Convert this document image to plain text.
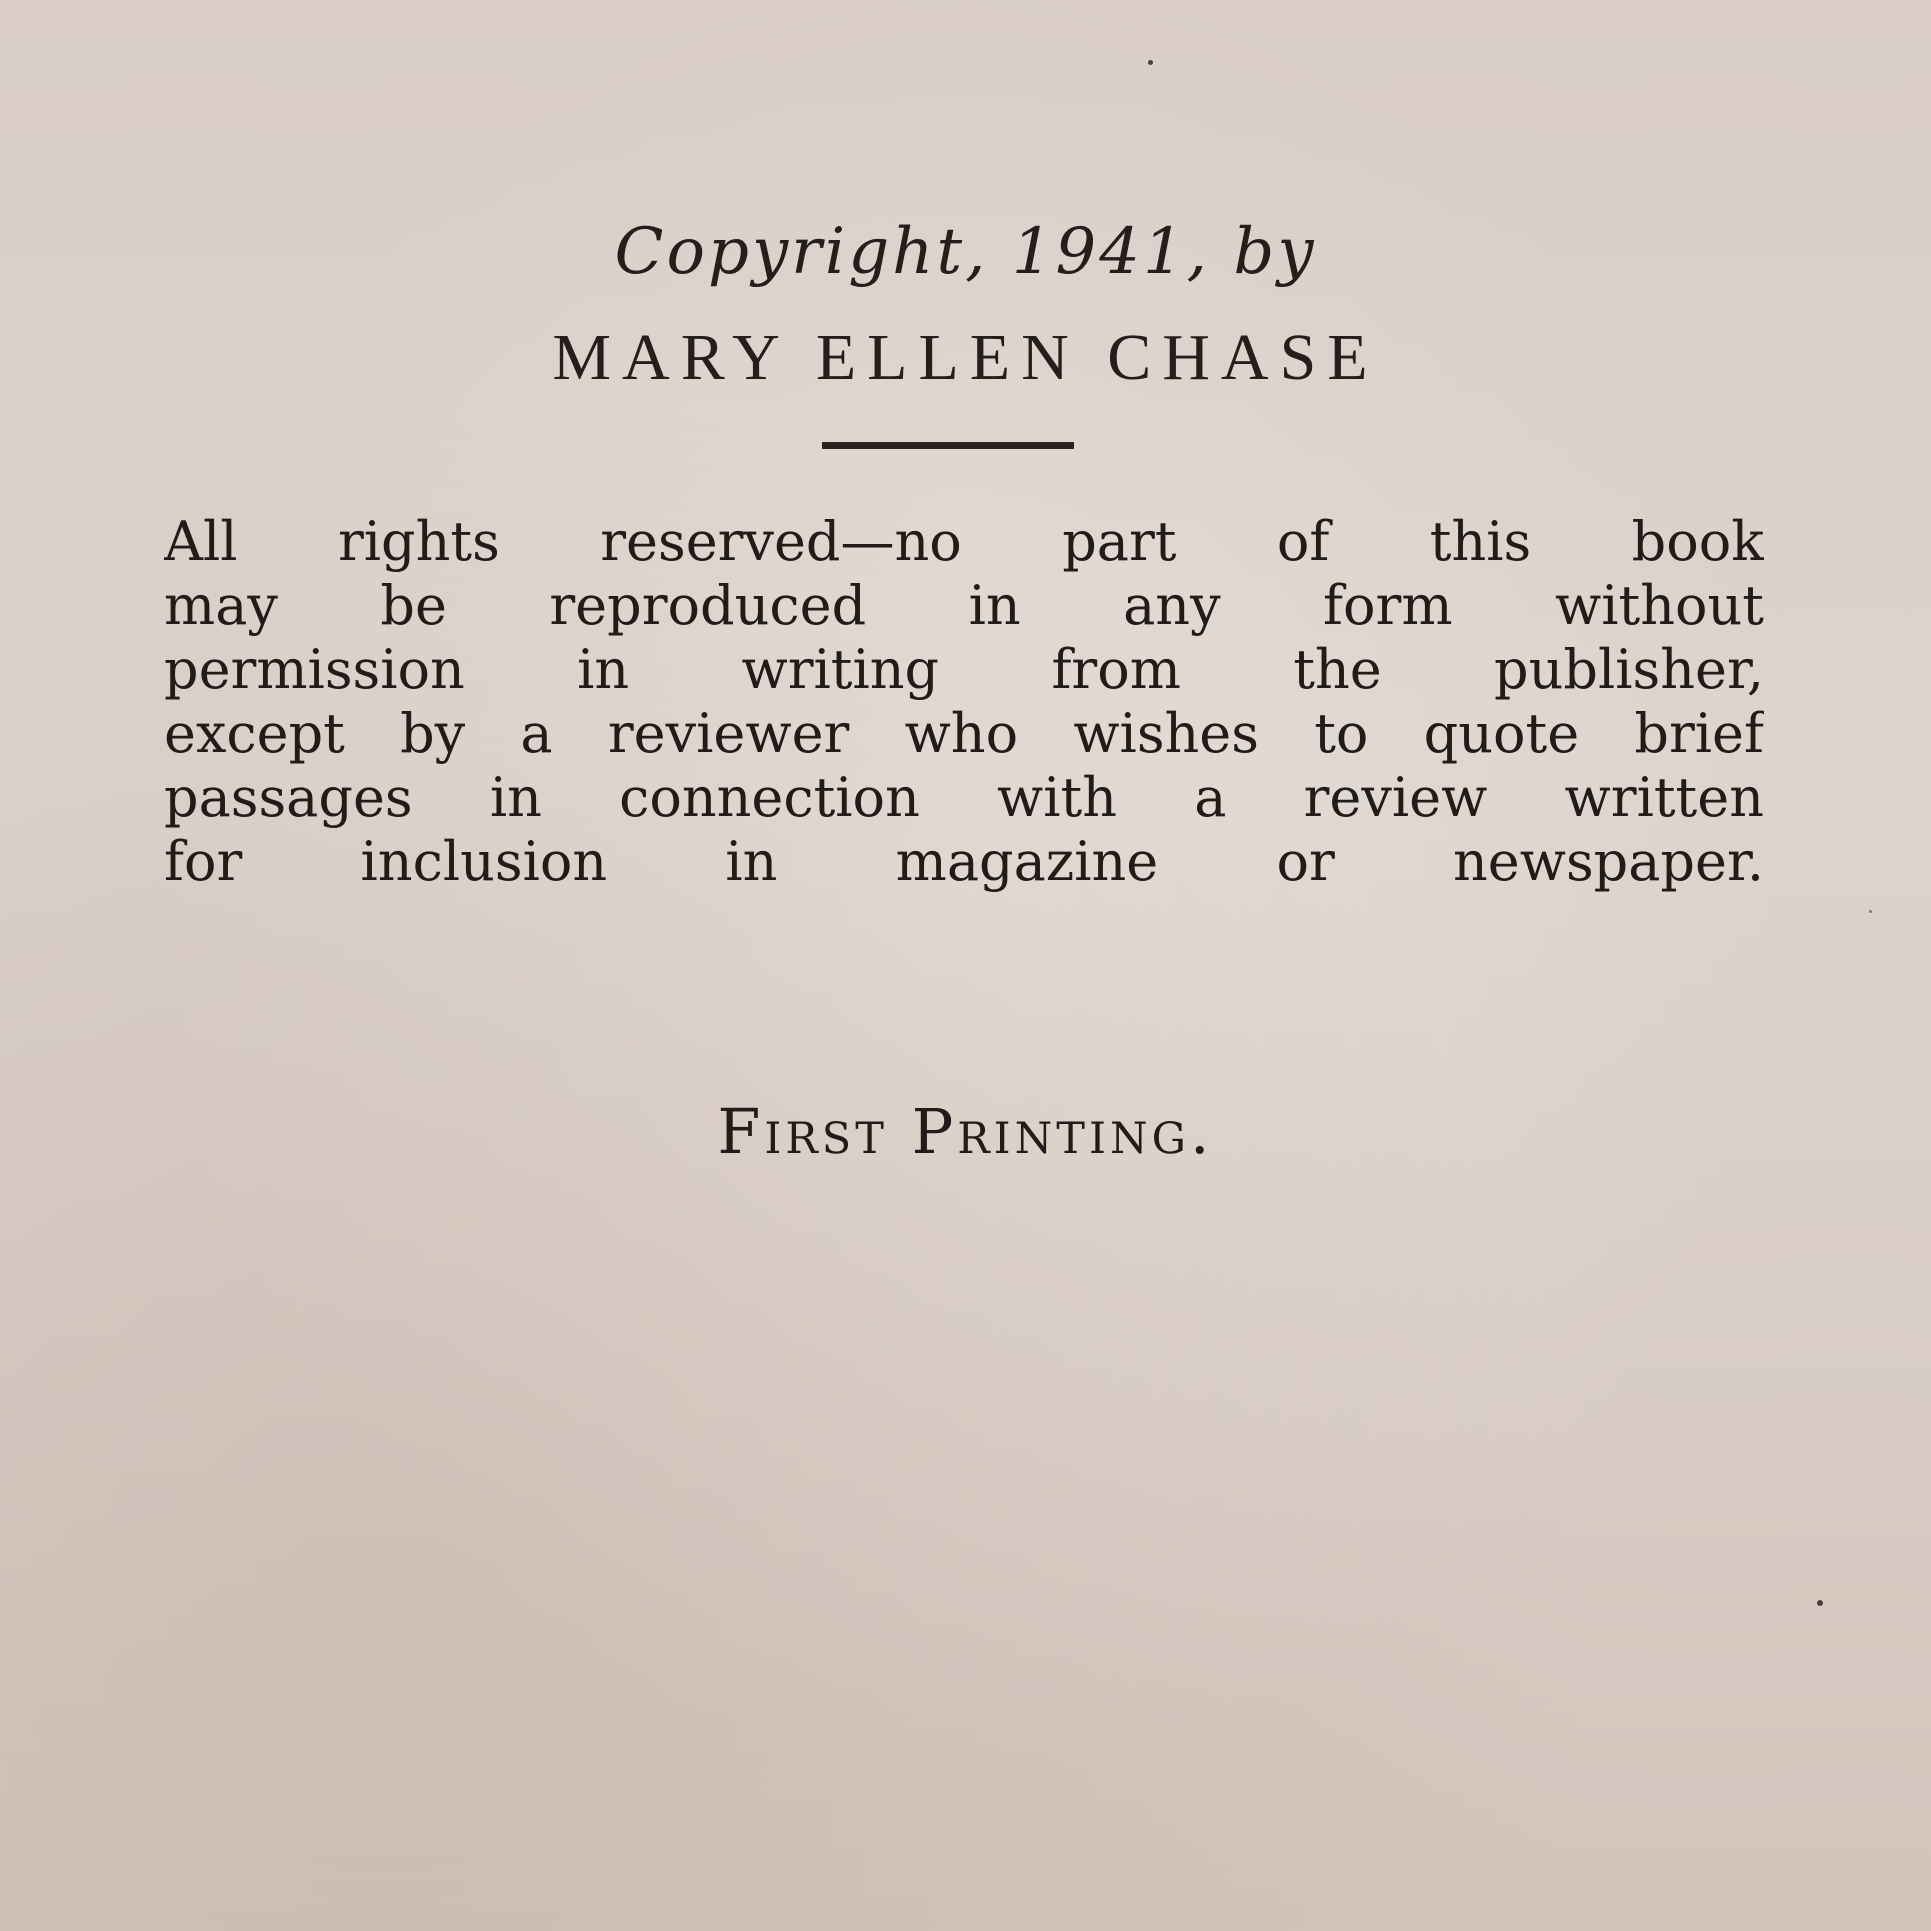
Copyright, 1941, by
MARY ELLEN CHASE
All rights reserved—no part of this book
may be reproduced in any form without
permission in writing from the publisher,
except by a reviewer who wishes to quote brief
passages in connection with a review written
for inclusion in magazine or newspaper.
First Printing.
